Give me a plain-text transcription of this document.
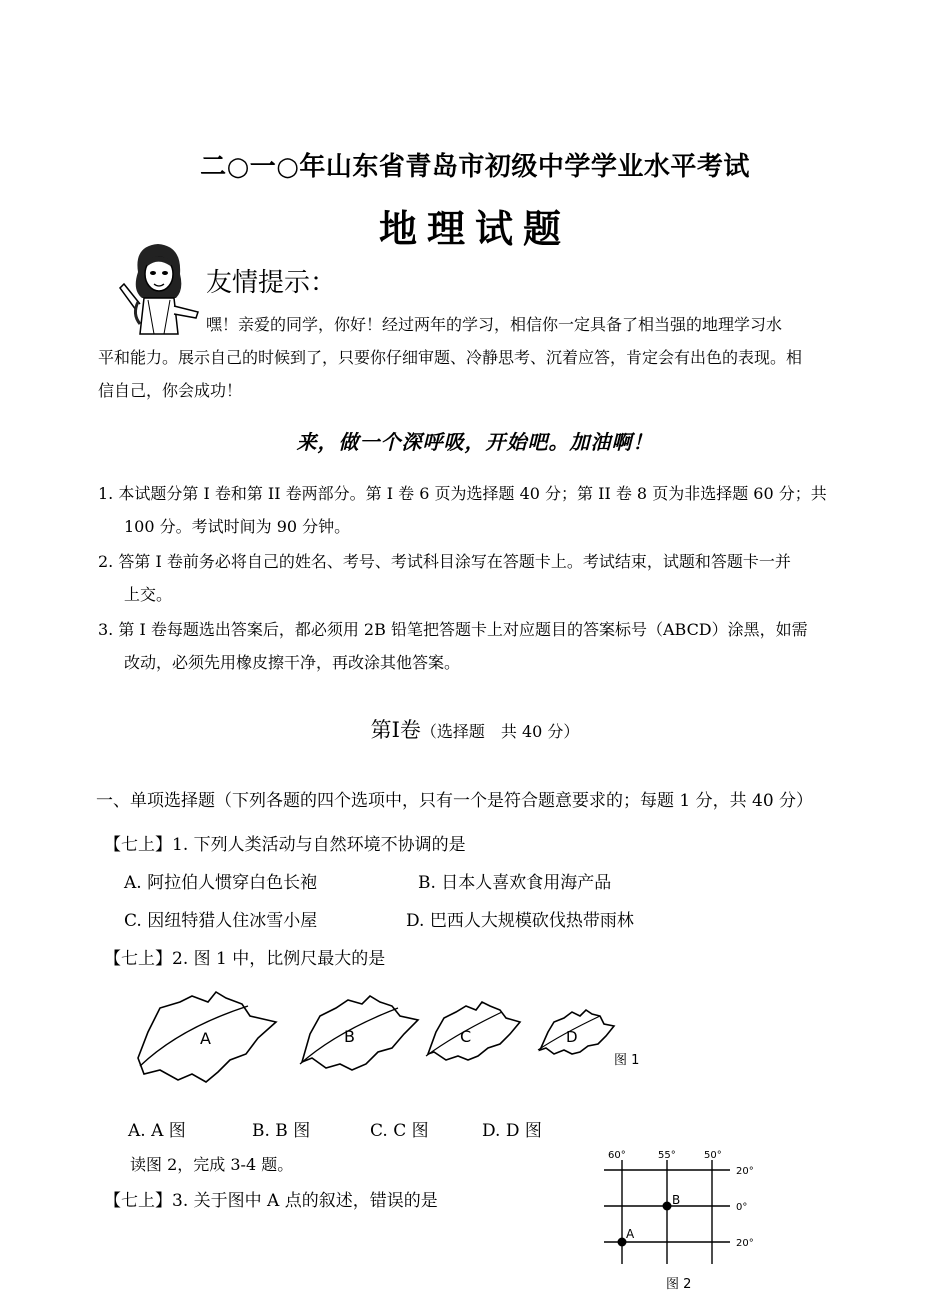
二○一○年山东省青岛市初级中学学业水平考试
地理试题
友情提示：
嘿！亲爱的同学，你好！经过两年的学习，相信你一定具备了相当强的地理学习水
平和能力。展示自己的时候到了，只要你仔细审题、冷静思考、沉着应答，肯定会有出色的表现。相
信自己，你会成功！
来，做一个深呼吸，开始吧。加油啊！
1. 本试题分第 I 卷和第 II 卷两部分。第 I 卷 6 页为选择题 40 分；第 II 卷 8 页为非选择题 60 分；共
100 分。考试时间为 90 分钟。
2. 答第 I 卷前务必将自己的姓名、考号、考试科目涂写在答题卡上。考试结束，试题和答题卡一并
上交。
3. 第 I 卷每题选出答案后，都必须用 2B 铅笔把答题卡上对应题目的答案标号（ABCD）涂黑，如需
改动，必须先用橡皮擦干净，再改涂其他答案。
第Ⅰ卷（选择题　共 40 分）
一、单项选择题（下列各题的四个选项中，只有一个是符合题意要求的；每题 1 分，共 40 分）
【七上】1. 下列人类活动与自然环境不协调的是
A. 阿拉伯人惯穿白色长袍	B. 日本人喜欢食用海产品
C. 因纽特猎人住冰雪小屋	D. 巴西人大规模砍伐热带雨林
【七上】2. 图 1 中，比例尺最大的是
A	B	C	D
图 1
A. A 图	B. B 图	C. C 图	D. D 图
读图 2，完成 3-4 题。
【七上】3. 关于图中 A 点的叙述，错误的是
60°	55°	50°
20°
0°
20°
A
B
图 2
